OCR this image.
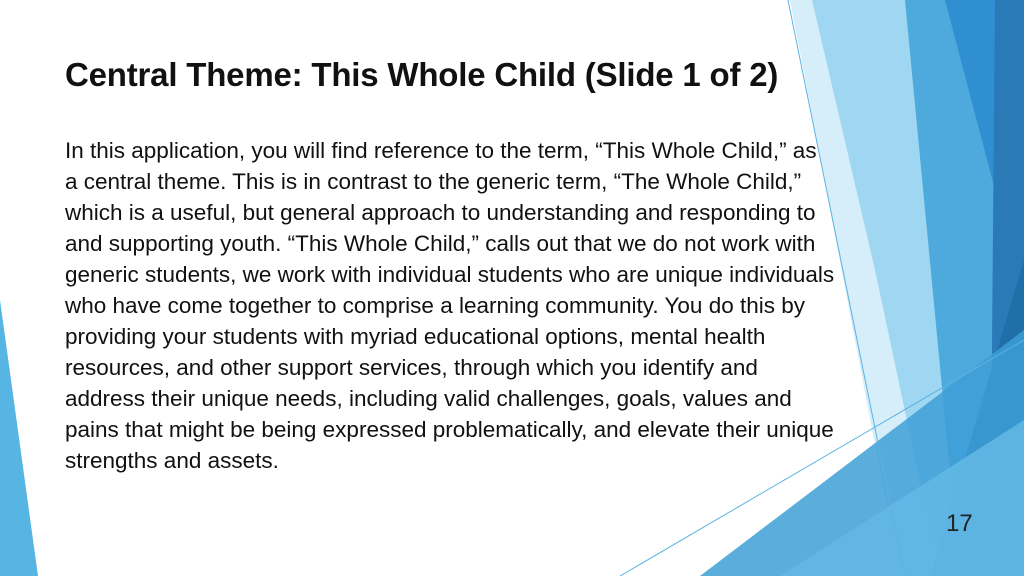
Central Theme: This Whole Child (Slide 1 of 2)

In this application, you will find reference to the term, “This Whole Child,” as a central theme. This is in contrast to the generic term, “The Whole Child,” which is a useful, but general approach to understanding and responding to and supporting youth. “This Whole Child,” calls out that we do not work with generic students, we work with individual students who are unique individuals who have come together to comprise a learning community. You do this by providing your students with myriad educational options, mental health resources, and other support services, through which you identify and address their unique needs, including valid challenges, goals, values and pains that might be being expressed problematically, and elevate their unique strengths and assets.

17
